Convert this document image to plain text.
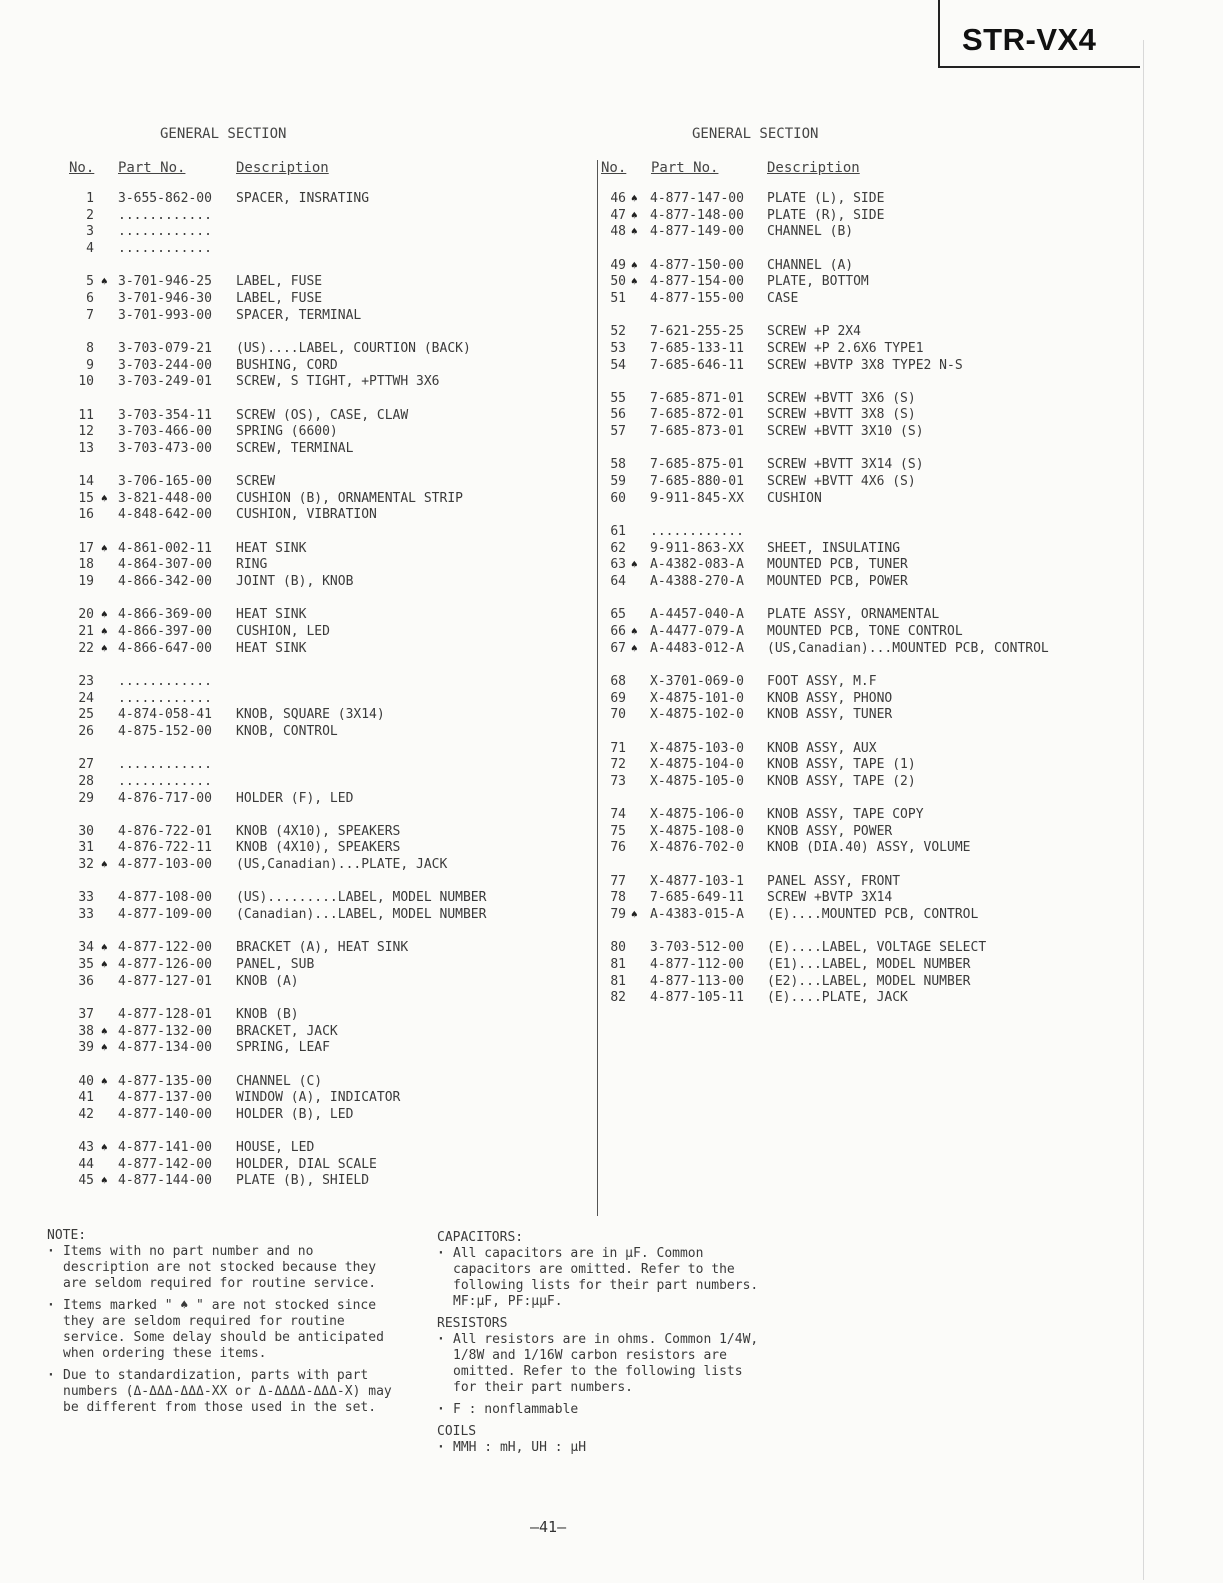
STR-VX4
GENERAL SECTION	GENERAL SECTION
No. Part No.	Description	No. Part No.	Description
1 3-655-862-00 SPACER, INSRATING
2 ............
3 ............
4 ............
5 ♠ 3-701-946-25 LABEL, FUSE
6 3-701-946-30 LABEL, FUSE
7 3-701-993-00 SPACER, TERMINAL
8 3-703-079-21 (US)....LABEL, COURTION (BACK)
9 3-703-244-00 BUSHING, CORD
10 3-703-249-01 SCREW, S TIGHT, +PTTWH 3X6
11 3-703-354-11 SCREW (OS), CASE, CLAW
12 3-703-466-00 SPRING (6600)
13 3-703-473-00 SCREW, TERMINAL
14 3-706-165-00 SCREW
15 ♠ 3-821-448-00 CUSHION (B), ORNAMENTAL STRIP
16 4-848-642-00 CUSHION, VIBRATION
17 ♠ 4-861-002-11 HEAT SINK
18 4-864-307-00 RING
19 4-866-342-00 JOINT (B), KNOB
20 ♠ 4-866-369-00 HEAT SINK
21 ♠ 4-866-397-00 CUSHION, LED
22 ♠ 4-866-647-00 HEAT SINK
23 ............
24 ............
25 4-874-058-41 KNOB, SQUARE (3X14)
26 4-875-152-00 KNOB, CONTROL
27 ............
28 ............
29 4-876-717-00 HOLDER (F), LED
30 4-876-722-01 KNOB (4X10), SPEAKERS
31 4-876-722-11 KNOB (4X10), SPEAKERS
32 ♠ 4-877-103-00 (US,Canadian)...PLATE, JACK
33 4-877-108-00 (US).........LABEL, MODEL NUMBER
33 4-877-109-00 (Canadian)...LABEL, MODEL NUMBER
34 ♠ 4-877-122-00 BRACKET (A), HEAT SINK
35 ♠ 4-877-126-00 PANEL, SUB
36 4-877-127-01 KNOB (A)
37 4-877-128-01 KNOB (B)
38 ♠ 4-877-132-00 BRACKET, JACK
39 ♠ 4-877-134-00 SPRING, LEAF
40 ♠ 4-877-135-00 CHANNEL (C)
41 4-877-137-00 WINDOW (A), INDICATOR
42 4-877-140-00 HOLDER (B), LED
43 ♠ 4-877-141-00 HOUSE, LED
44 4-877-142-00 HOLDER, DIAL SCALE
45 ♠ 4-877-144-00 PLATE (B), SHIELD
46 ♠ 4-877-147-00 PLATE (L), SIDE
47 ♠ 4-877-148-00 PLATE (R), SIDE
48 ♠ 4-877-149-00 CHANNEL (B)
49 ♠ 4-877-150-00 CHANNEL (A)
50 ♠ 4-877-154-00 PLATE, BOTTOM
51 4-877-155-00 CASE
52 7-621-255-25 SCREW +P 2X4
53 7-685-133-11 SCREW +P 2.6X6 TYPE1
54 7-685-646-11 SCREW +BVTP 3X8 TYPE2 N-S
55 7-685-871-01 SCREW +BVTT 3X6 (S)
56 7-685-872-01 SCREW +BVTT 3X8 (S)
57 7-685-873-01 SCREW +BVTT 3X10 (S)
58 7-685-875-01 SCREW +BVTT 3X14 (S)
59 7-685-880-01 SCREW +BVTT 4X6 (S)
60 9-911-845-XX CUSHION
61 ............
62 9-911-863-XX SHEET, INSULATING
63 ♠ A-4382-083-A MOUNTED PCB, TUNER
64 A-4388-270-A MOUNTED PCB, POWER
65 A-4457-040-A PLATE ASSY, ORNAMENTAL
66 ♠ A-4477-079-A MOUNTED PCB, TONE CONTROL
67 ♠ A-4483-012-A (US,Canadian)...MOUNTED PCB, CONTROL
68 X-3701-069-0 FOOT ASSY, M.F
69 X-4875-101-0 KNOB ASSY, PHONO
70 X-4875-102-0 KNOB ASSY, TUNER
71 X-4875-103-0 KNOB ASSY, AUX
72 X-4875-104-0 KNOB ASSY, TAPE (1)
73 X-4875-105-0 KNOB ASSY, TAPE (2)
74 X-4875-106-0 KNOB ASSY, TAPE COPY
75 X-4875-108-0 KNOB ASSY, POWER
76 X-4876-702-0 KNOB (DIA.40) ASSY, VOLUME
77 X-4877-103-1 PANEL ASSY, FRONT
78 7-685-649-11 SCREW +BVTP 3X14
79 ♠ A-4383-015-A (E)....MOUNTED PCB, CONTROL
80 3-703-512-00 (E)....LABEL, VOLTAGE SELECT
81 4-877-112-00 (E1)...LABEL, MODEL NUMBER
81 4-877-113-00 (E2)...LABEL, MODEL NUMBER
82 4-877-105-11 (E)....PLATE, JACK

NOTE:

· Items with no part number and no description are not stocked because they are seldom required for routine service.
· Items marked " ♠ " are not stocked since they are seldom required for routine service. Some delay should be anticipated when ordering these items.
· Due to standardization, parts with part numbers (Δ-ΔΔΔ-ΔΔΔ-XX or Δ-ΔΔΔΔ-ΔΔΔ-X) may be different from those used in the set.

CAPACITORS:

· All capacitors are in μF. Common capacitors are omitted. Refer to the following lists for their part numbers. MF:μF, PF:μμF.

RESISTORS

· All resistors are in ohms. Common 1/4W, 1/8W and 1/16W carbon resistors are omitted. Refer to the following lists for their part numbers.
· F : nonflammable

COILS

· MMH : mH, UH : μH
—41—
